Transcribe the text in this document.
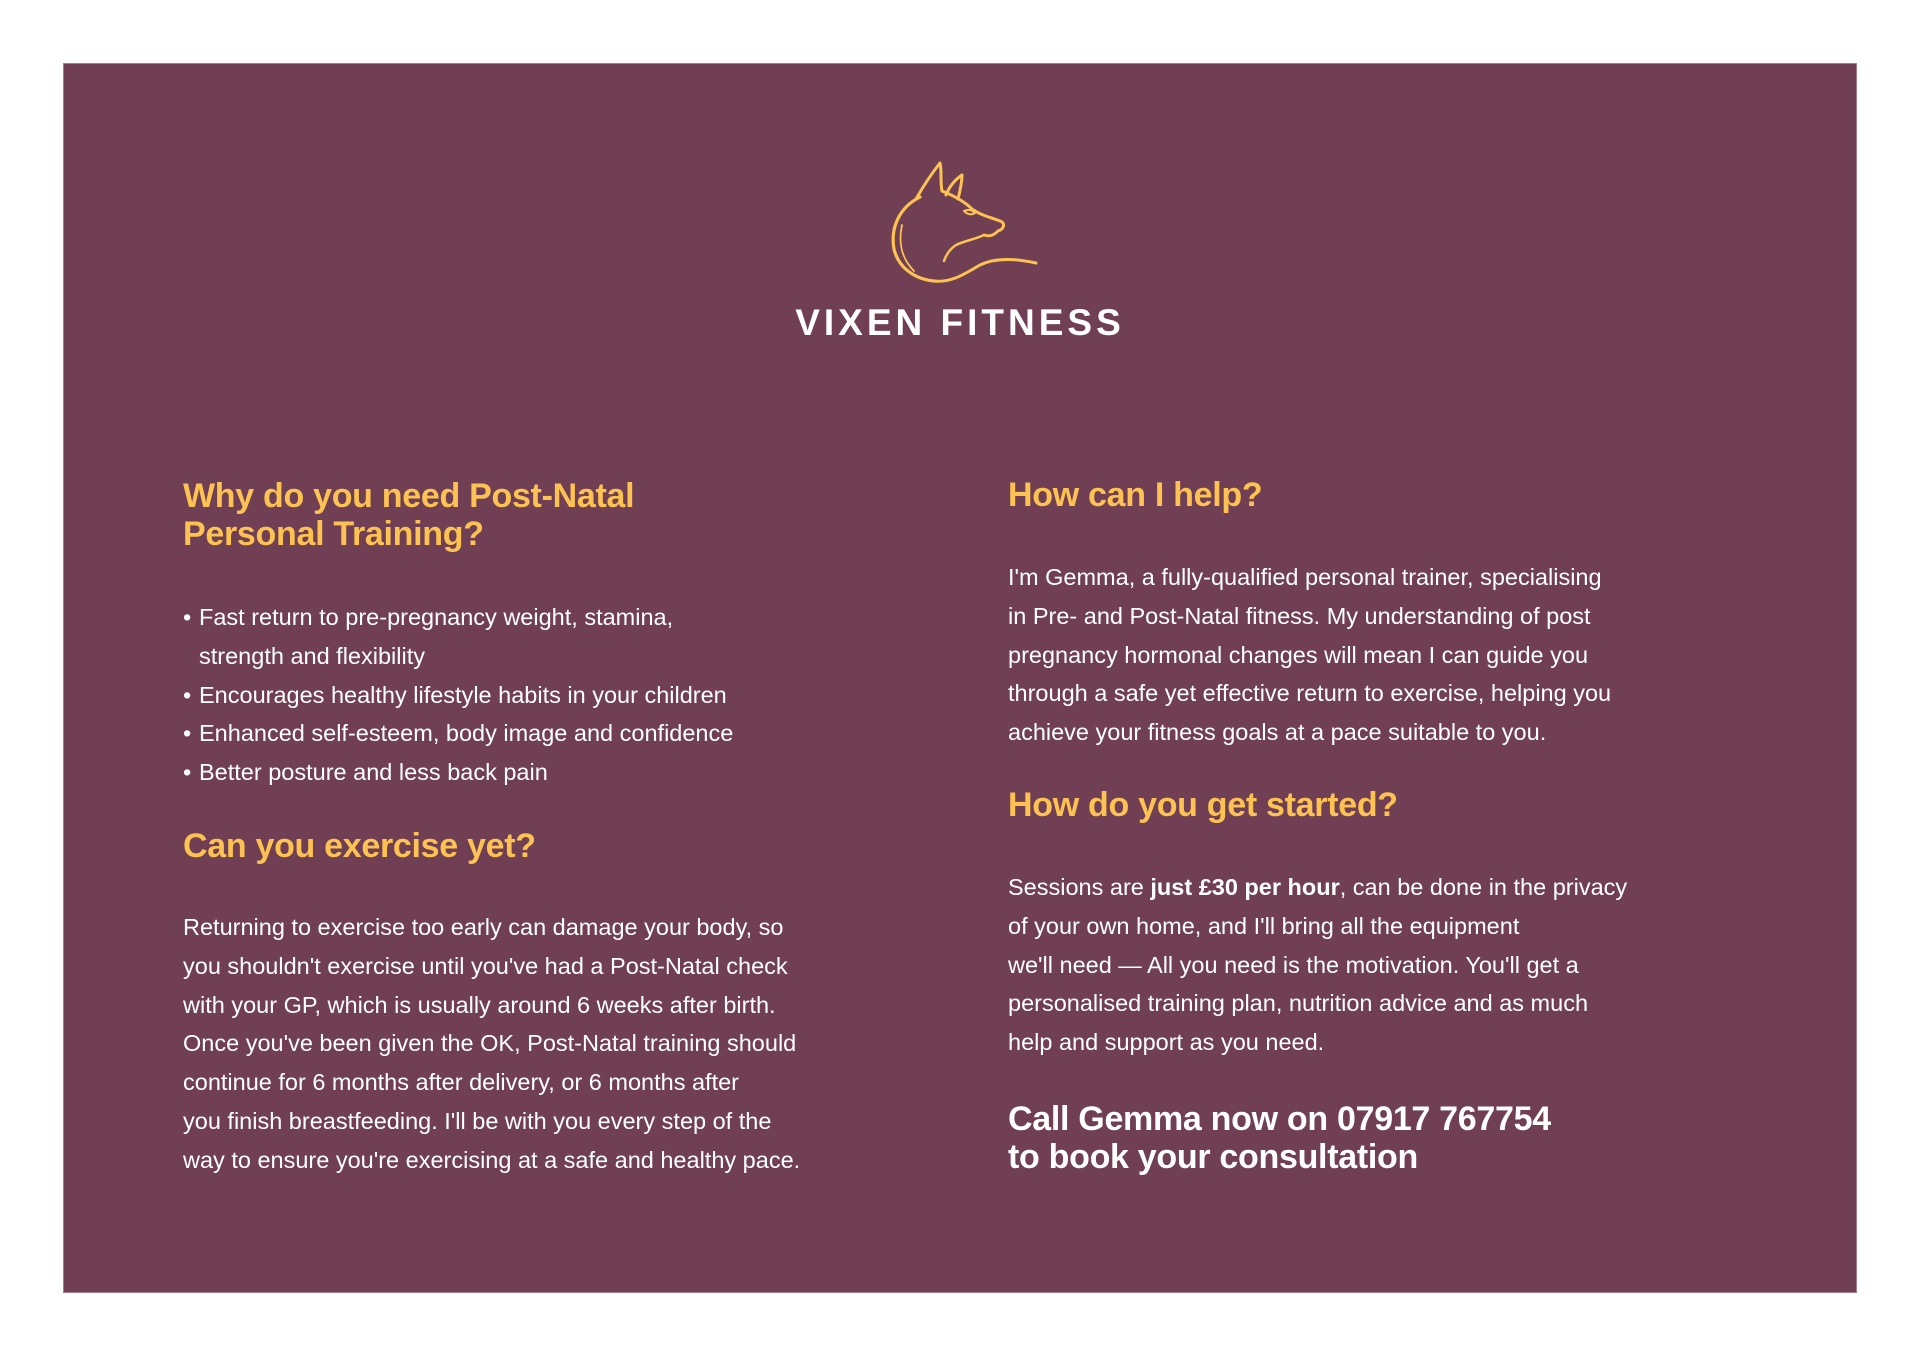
VIXEN FITNESS
Why do you need Post-Natal
Personal Training?
• Fast return to pre-pregnancy weight, stamina,
strength and flexibility
• Encourages healthy lifestyle habits in your children
• Enhanced self-esteem, body image and confidence
• Better posture and less back pain
Can you exercise yet?

Returning to exercise too early can damage your body, so
you shouldn't exercise until you've had a Post-Natal check
with your GP, which is usually around 6 weeks after birth.
Once you've been given the OK, Post-Natal training should
continue for 6 months after delivery, or 6 months after
you finish breastfeeding. I'll be with you every step of the
way to ensure you're exercising at a safe and healthy pace.

How can I help?

I'm Gemma, a fully-qualified personal trainer, specialising
in Pre- and Post-Natal fitness. My understanding of post
pregnancy hormonal changes will mean I can guide you
through a safe yet effective return to exercise, helping you
achieve your fitness goals at a pace suitable to you.

How do you get started?

Sessions are just £30 per hour, can be done in the privacy
of your own home, and I'll bring all the equipment
we'll need — All you need is the motivation. You'll get a
personalised training plan, nutrition advice and as much
help and support as you need.

Call Gemma now on 07917 767754
to book your consultation
